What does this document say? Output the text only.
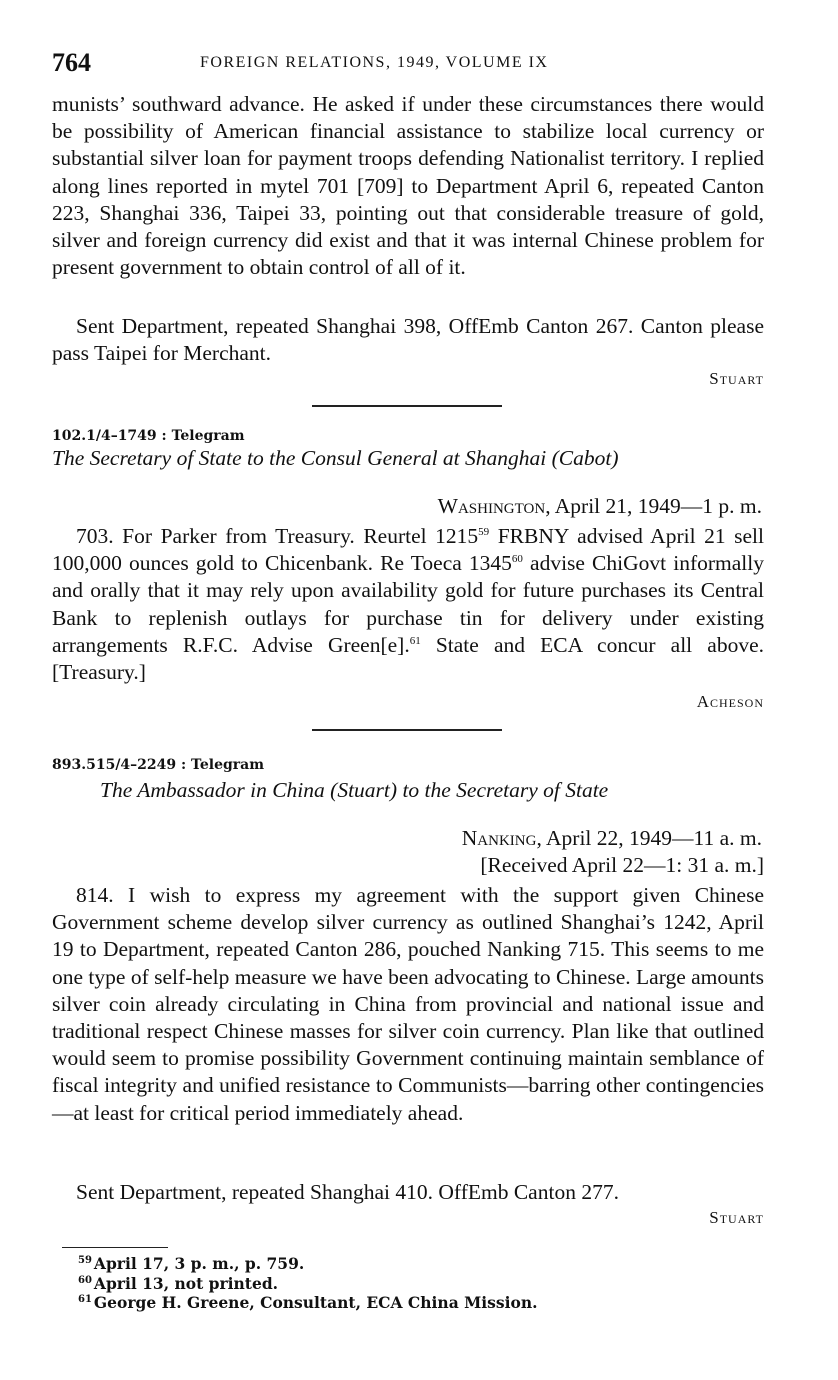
764	FOREIGN RELATIONS, 1949, VOLUME IX

munists’ southward advance. He asked if under these circumstances there would be possibility of American financial assistance to stabilize local currency or substantial silver loan for payment troops defending Nationalist territory. I replied along lines reported in mytel 701 [709] to Department April 6, repeated Canton 223, Shanghai 336, Taipei 33, pointing out that considerable treasure of gold, silver and foreign currency did exist and that it was internal Chinese problem for present government to obtain control of all of it.

Sent Department, repeated Shanghai 398, OffEmb Canton 267. Canton please pass Taipei for Merchant.

Stuart
102.1/4–1749 : Telegram
The Secretary of State to the Consul General at Shanghai (Cabot)
Washington, April 21, 1949—1 p. m.

703. For Parker from Treasury. Reurtel 1215$^{59}$ FRBNY advised April 21 sell 100,000 ounces gold to Chicenbank. Re Toeca 1345$^{60}$ advise ChiGovt informally and orally that it may rely upon availability gold for future purchases its Central Bank to replenish outlays for purchase tin for delivery under existing arrangements R.F.C. Advise Green[e].$^{61}$ State and ECA concur all above. [Treasury.]

Acheson
893.515/4–2249 : Telegram
The Ambassador in China (Stuart) to the Secretary of State
Nanking, April 22, 1949—11 a. m.
[Received April 22—1: 31 a. m.]

814. I wish to express my agreement with the support given Chinese Government scheme develop silver currency as outlined Shanghai’s 1242, April 19 to Department, repeated Canton 286, pouched Nanking 715. This seems to me one type of self-help measure we have been advocating to Chinese. Large amounts silver coin already circulating in China from provincial and national issue and traditional respect Chinese masses for silver coin currency. Plan like that outlined would seem to promise possibility Government continuing maintain semblance of fiscal integrity and unified resistance to Communists—barring other contingencies—at least for critical period immediately ahead.

Sent Department, repeated Shanghai 410. OffEmb Canton 277.

Stuart
$^{59}$ April 17, 3 p. m., p. 759.
$^{60}$ April 13, not printed.
$^{61}$ George H. Greene, Consultant, ECA China Mission.
